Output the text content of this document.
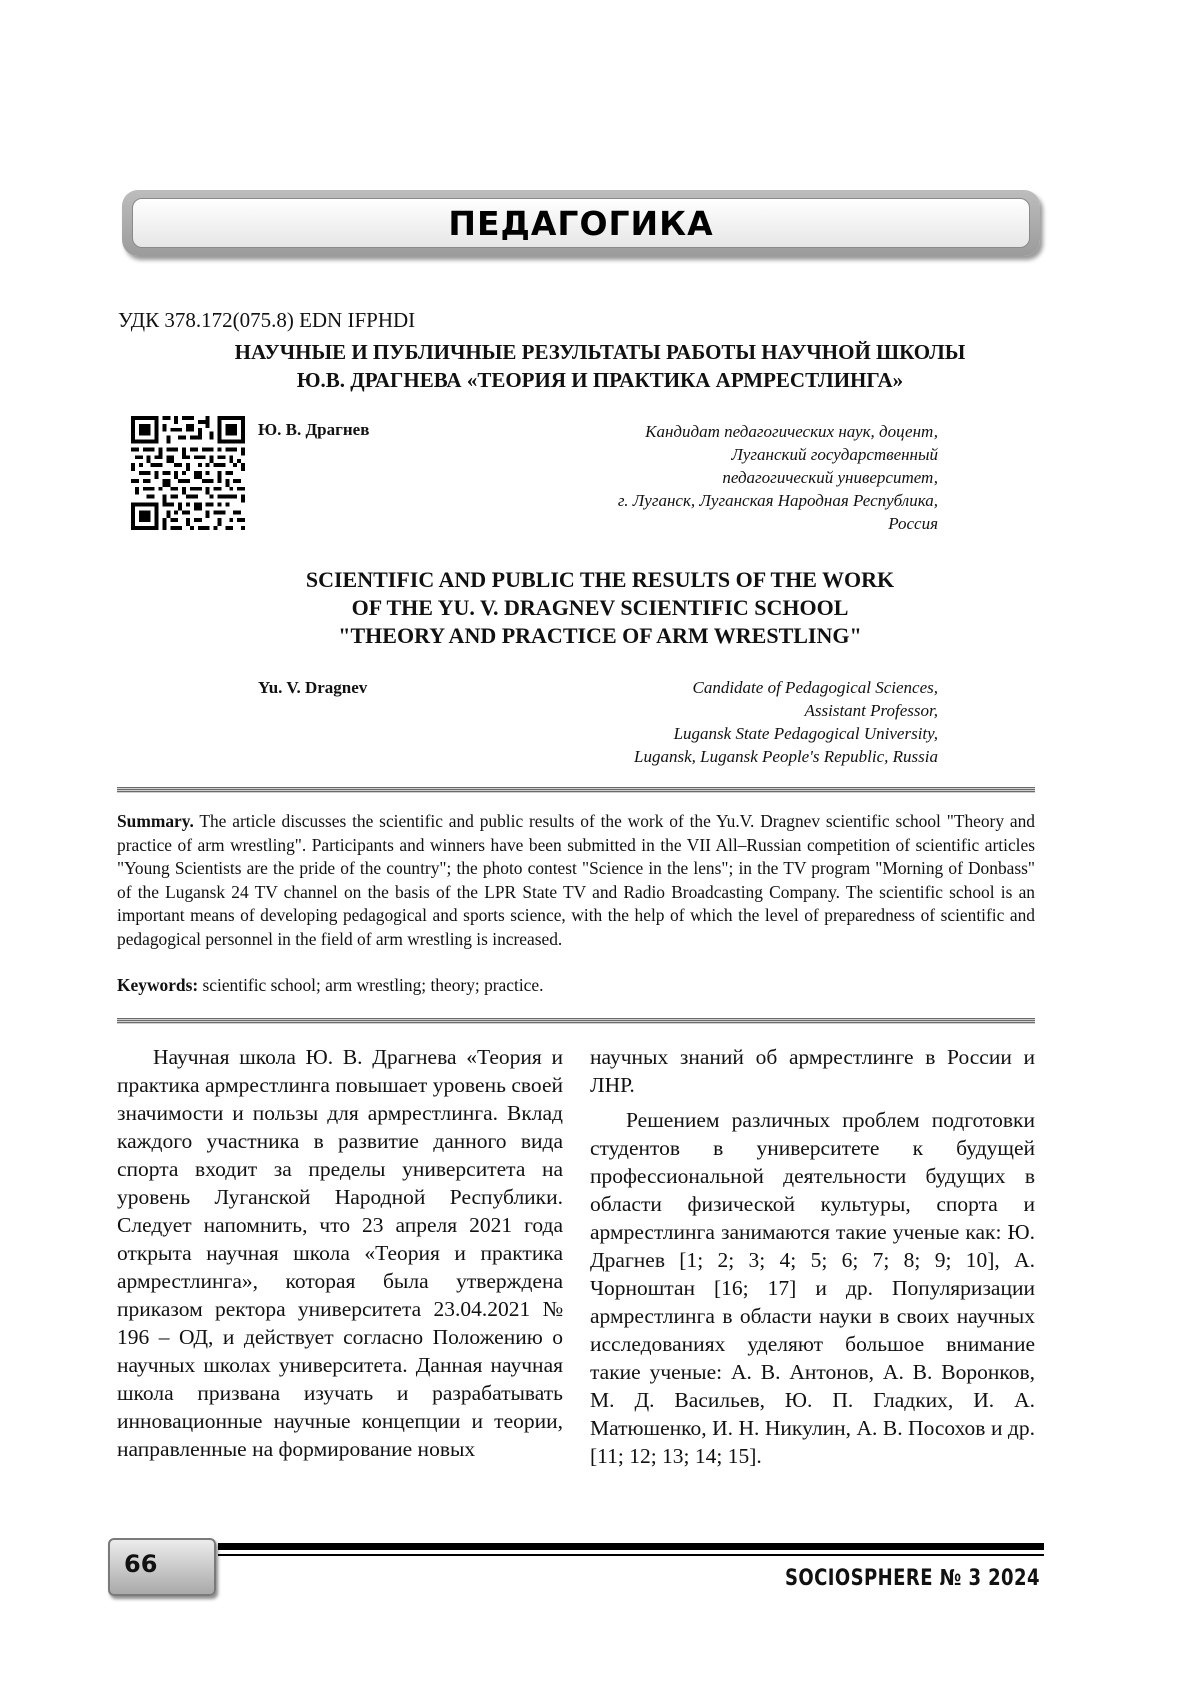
ПЕДАГОГИКА
УДК 378.172(075.8) EDN IFPHDI
НАУЧНЫЕ И ПУБЛИЧНЫЕ РЕЗУЛЬТАТЫ РАБОТЫ НАУЧНОЙ ШКОЛЫ
Ю.В. ДРАГНЕВА «ТЕОРИЯ И ПРАКТИКА АРМРЕСТЛИНГА»
Ю. В. Драгнев	Кандидат педагогических наук, доцент,
Луганский государственный
педагогический университет,
г. Луганск, Луганская Народная Республика,
Россия
SCIENTIFIC AND PUBLIC THE RESULTS OF THE WORK
OF THE YU. V. DRAGNEV SCIENTIFIC SCHOOL
"THEORY AND PRACTICE OF ARM WRESTLING"
Yu. V. Dragnev	Candidate of Pedagogical Sciences,
Assistant Professor,
Lugansk State Pedagogical University,
Lugansk, Lugansk People's Republic, Russia
Summary. The article discusses the scientific and public results of the work of the Yu.V. Dragnev scientific school "Theory and practice of arm wrestling". Participants and winners have been submitted in the VII All–Russian competition of scientific articles "Young Scientists are the pride of the country"; the photo contest "Science in the lens"; in the TV program "Morning of Donbass" of the Lugansk 24 TV channel on the basis of the LPR State TV and Radio Broadcasting Company. The scientific school is an important means of developing pedagogical and sports science, with the help of which the level of preparedness of scientific and pedagogical personnel in the field of arm wrestling is increased.
Keywords: scientific school; arm wrestling; theory; practice.

Научная школа Ю. В. Драгнева «Теория и практика армрестлинга повышает уровень своей значимости и пользы для армрестлинга. Вклад каждого участника в развитие данного вида спорта входит за пределы университета на уровень Луганской Народной Республики. Следует напомнить, что 23 апреля 2021 года открыта научная школа «Теория и практика армрестлинга», которая была утверждена приказом ректора университета 23.04.2021 № 196 – ОД, и действует согласно Положению о научных школах университета. Данная научная школа призвана изучать и разрабатывать инновационные научные концепции и теории, направленные на формирование новых

научных знаний об армрестлинге в России и ЛНР.

Решением различных проблем подготовки студентов в университете к будущей профессиональной деятельности будущих в области физической культуры, спорта и армрестлинга занимаются такие ученые как: Ю. Драгнев [1; 2; 3; 4; 5; 6; 7; 8; 9; 10], А. Чорноштан [16; 17] и др. Популяризации армрестлинга в области науки в своих научных исследованиях уделяют большое внимание такие ученые: А. В. Антонов, А. В. Воронков, М. Д. Васильев, Ю. П. Гладких, И. А. Матюшенко, И. Н. Никулин, А. В. Посохов и др. [11; 12; 13; 14; 15].

66
SOCIOSPHERE № 3 2024
